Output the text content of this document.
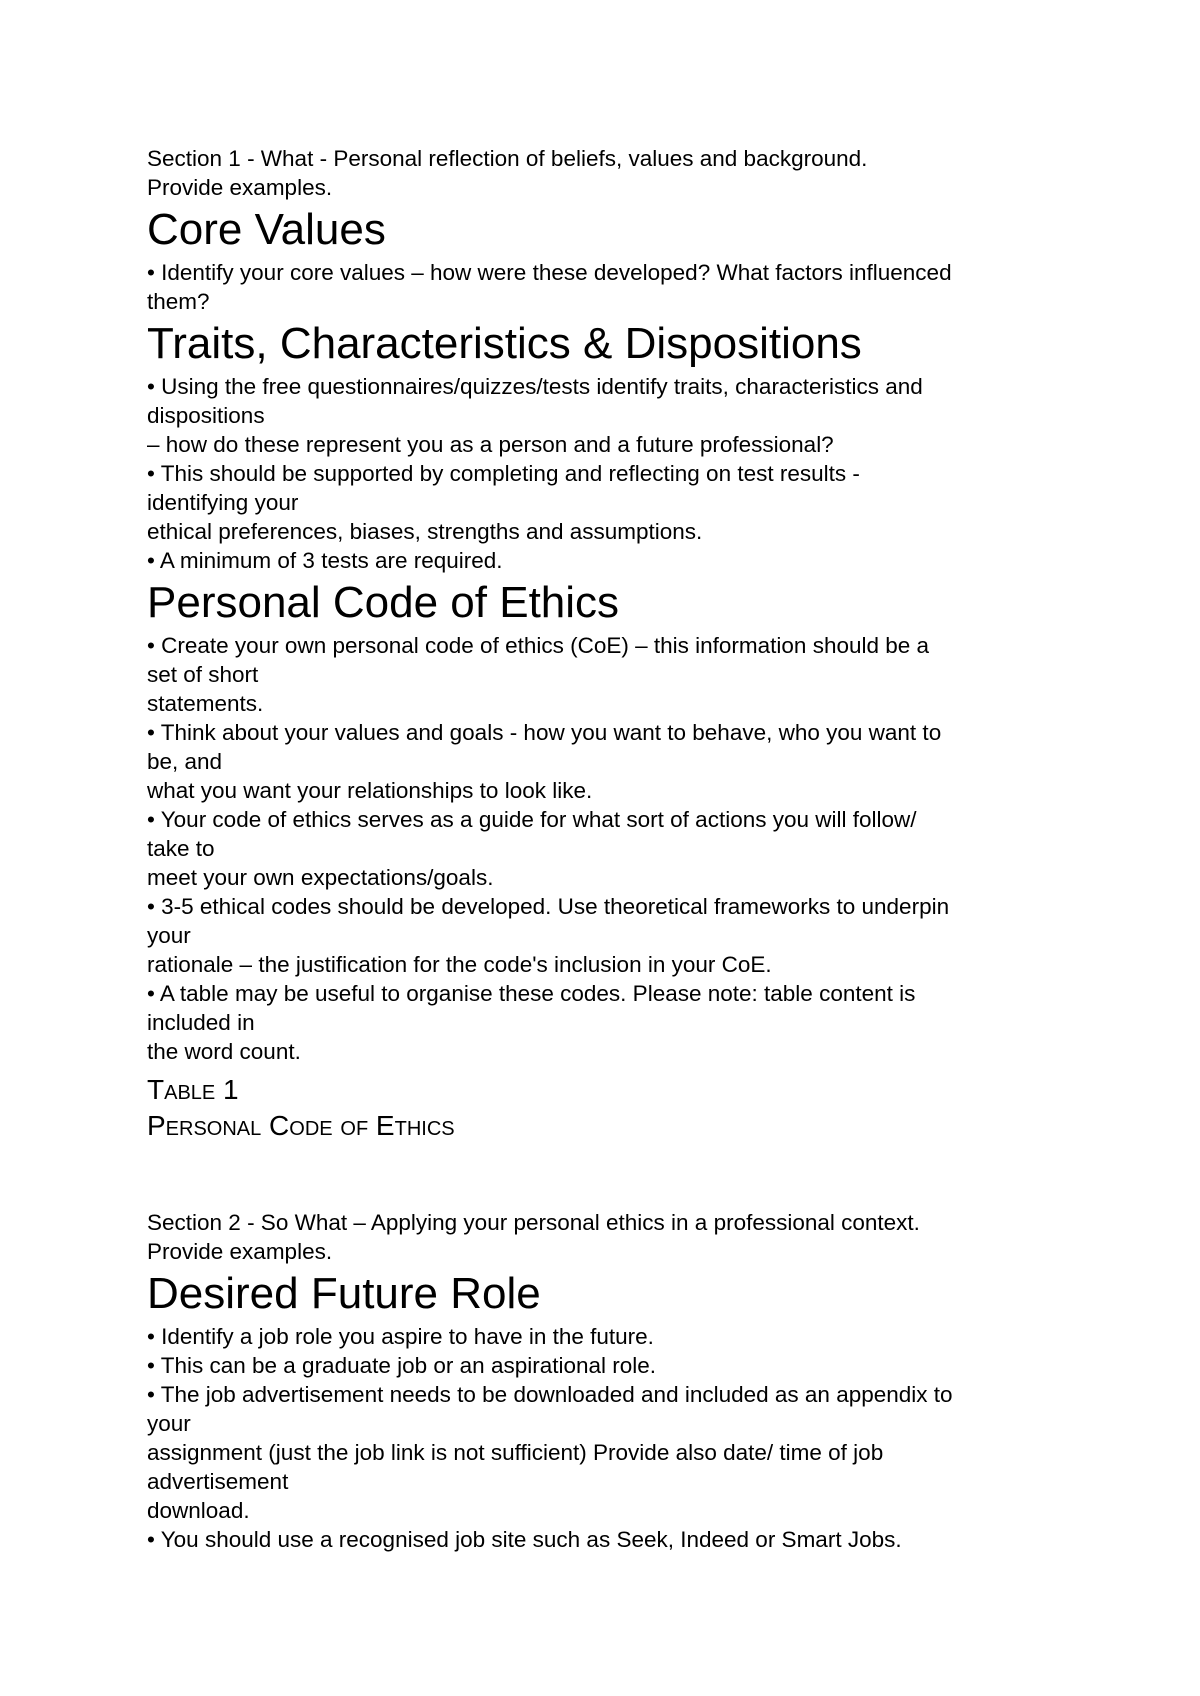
Section 1 - What - Personal reflection of beliefs, values and background.

Provide examples.

Core Values

• Identify your core values – how were these developed? What factors influenced

them?

Traits, Characteristics & Dispositions

• Using the free questionnaires/quizzes/tests identify traits, characteristics and

dispositions

– how do these represent you as a person and a future professional?

• This should be supported by completing and reflecting on test results -

identifying your

ethical preferences, biases, strengths and assumptions.

• A minimum of 3 tests are required.

Personal Code of Ethics

• Create your own personal code of ethics (CoE) – this information should be a

set of short

statements.

• Think about your values and goals - how you want to behave, who you want to

be, and

what you want your relationships to look like.

• Your code of ethics serves as a guide for what sort of actions you will follow/

take to

meet your own expectations/goals.

• 3-5 ethical codes should be developed. Use theoretical frameworks to underpin

your

rationale – the justification for the code's inclusion in your CoE.

• A table may be useful to organise these codes. Please note: table content is

included in

the word count.

Table 1

Personal Code of Ethics

Section 2 - So What – Applying your personal ethics in a professional context.

Provide examples.

Desired Future Role

• Identify a job role you aspire to have in the future.

• This can be a graduate job or an aspirational role.

• The job advertisement needs to be downloaded and included as an appendix to

your

assignment (just the job link is not sufficient) Provide also date/ time of job

advertisement

download.

• You should use a recognised job site such as Seek, Indeed or Smart Jobs.
